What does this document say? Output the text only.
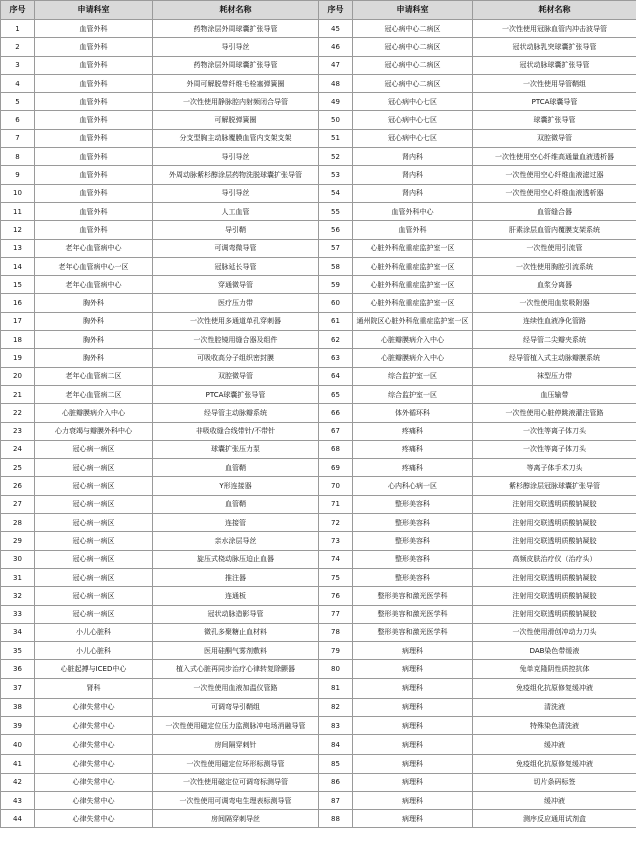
序号	申请科室	耗材名称	序号	申请科室	耗材名称
1	血管外科	药物涂层外周球囊扩张导管	45	冠心病中心二病区	一次性使用冠脉血管内冲击波导管
2	血管外科	导引导丝	46	冠心病中心二病区	冠状动脉乳突球囊扩张导管
3	血管外科	药物涂层外周球囊扩张导管	47	冠心病中心二病区	冠状动脉球囊扩张导管
4	血管外科	外周可解脱带纤维毛栓塞弹簧圈	48	冠心病中心二病区	一次性使用导管鞘组
5	血管外科	一次性使用静脉腔内射频闭合导管	49	冠心病中心七区	PTCA球囊导管
6	血管外科	可解脱弹簧圈	50	冠心病中心七区	球囊扩张导管
7	血管外科	分支型胸主动脉覆膜血管内支架支架	51	冠心病中心七区	双腔微导管
8	血管外科	导引导丝	52	肾内科	一次性使用空心纤维高通量血液透析器
9	血管外科	外周动脉紫杉醇涂层药物洗脱球囊扩张导管	53	肾内科	一次性使用空心纤维血液滤过器
10	血管外科	导引导丝	54	肾内科	一次性使用空心纤维血液透析器
11	血管外科	人工血管	55	血管外科中心	血管缝合器
12	血管外科	导引鞘	56	血管外科	肝素涂层血管内覆膜支架系统
13	老年心血管病中心	可调弯微导管	57	心脏外科危重症监护室一区	一次性使用引流管
14	老年心血管病中心一区	冠脉延长导管	58	心脏外科危重症监护室一区	一次性使用胸腔引流系统
15	老年心血管病中心	穿通微导管	59	心脏外科危重症监护室一区	血浆分离器
16	胸外科	医疗压力带	60	心脏外科危重症监护室一区	一次性使用血浆吸附器
17	胸外科	一次性使用多通道单孔穿刺器	61	通州院区心脏外科危重症监护室一区	连续性血液净化管路
18	胸外科	一次性腔镜用缝合器及组件	62	心脏瓣膜病介入中心	经导管二尖瓣夹系统
19	胸外科	可吸收高分子组织密封膜	63	心脏瓣膜病介入中心	经导管植入式主动脉瓣膜系统
20	老年心血管病二区	双腔微导管	64	综合监护室一区	袜型压力带
21	老年心血管病二区	PTCA球囊扩张导管	65	综合监护室一区	血压输带
22	心脏瓣膜病介入中心	经导管主动脉瓣系统	66	体外循环科	一次性使用心脏停跳液灌注管路
23	心力衰竭与瓣膜外科中心	非吸收缝合线带针/不带针	67	疼痛科	一次性等离子体刀头
24	冠心病一病区	球囊扩张压力泵	68	疼痛科	一次性等离子体刀头
25	冠心病一病区	血管鞘	69	疼痛科	等离子体手术刀头
26	冠心病一病区	Y形连接器	70	心内科心病一区	紫杉醇涂层冠脉球囊扩张导管
27	冠心病一病区	血管鞘	71	整形美容科	注射用交联透明质酸钠凝胶
28	冠心病一病区	连接管	72	整形美容科	注射用交联透明质酸钠凝胶
29	冠心病一病区	亲水涂层导丝	73	整形美容科	注射用交联透明质酸钠凝胶
30	冠心病一病区	旋压式桡动脉压迫止血器	74	整形美容科	高频皮肤治疗仪（治疗头）
31	冠心病一病区	推注器	75	整形美容科	注射用交联透明质酸钠凝胶
32	冠心病一病区	连通板	76	整形美容和激光医学科	注射用交联透明质酸钠凝胶
33	冠心病一病区	冠状动脉造影导管	77	整形美容和激光医学科	注射用交联透明质酸钠凝胶
34	小儿心脏科	微孔多聚糖止血材料	78	整形美容和激光医学科	一次性使用滑创冲动力刀头
35	小儿心脏科	医用硅酮气雾剂敷料	79	病理科	DAB染色带缓液
36	心脏起搏与ICED中心	植入式心脏再同步治疗心律转复除颤器	80	病理科	兔单克隆阴性质控抗体
37	肾科	一次性使用血液加温仪管路	81	病理科	免疫组化抗原修复缓冲液
38	心律失常中心	可调弯导引鞘组	82	病理科	清洗液
39	心律失常中心	一次性使用磁定位压力监测脉冲电场消融导管	83	病理科	特殊染色清洗液
40	心律失常中心	房间隔穿刺针	84	病理科	缓冲液
41	心律失常中心	一次性使用磁定位环形标测导管	85	病理科	免疫组化抗原修复缓冲液
42	心律失常中心	一次性使用磁定位可调弯标测导管	86	病理科	切片条码标签
43	心律失常中心	一次性使用可调弯电生理表标测导管	87	病理科	缓冲液
44	心律失常中心	房间隔穿刺导丝	88	病理科	测序反应通用试剂盒
